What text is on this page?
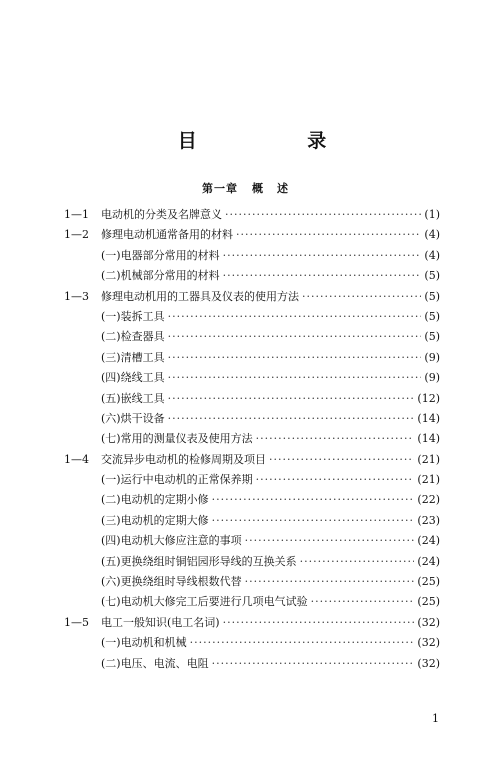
目 录
第一章 概述
1—1	电动机的分类及名牌意义 ·····	(1)
1—2	修理电动机通常备用的材料 ·····	(4)
(一)电器部分常用的材料 ·····	(4)
(二)机械部分常用的材料 ·····	(5)
1—3	修理电动机用的工器具及仪表的使用方法 ·····	(5)
(一)装拆工具 ·····	(5)
(二)检查器具 ·····	(5)
(三)清槽工具 ·····	(9)
(四)绕线工具 ·····	(9)
(五)嵌线工具 ·····	(12)
(六)烘干设备 ·····	(14)
(七)常用的测量仪表及使用方法 ·····	(14)
1—4	交流异步电动机的检修周期及项目 ·····	(21)
(一)运行中电动机的正常保养期 ·····	(21)
(二)电动机的定期小修 ·····	(22)
(三)电动机的定期大修 ·····	(23)
(四)电动机大修应注意的事项 ·····	(24)
(五)更换绕组时铜铝园形导线的互换关系 ·····	(24)
(六)更换绕组时导线根数代替 ·····	(25)
(七)电动机大修完工后要进行几项电气试验 ·····	(25)
1—5	电工一般知识(电工名词) ·····	(32)
(一)电动机和机械 ·····	(32)
(二)电压、电流、电阻 ·····	(32)
1
